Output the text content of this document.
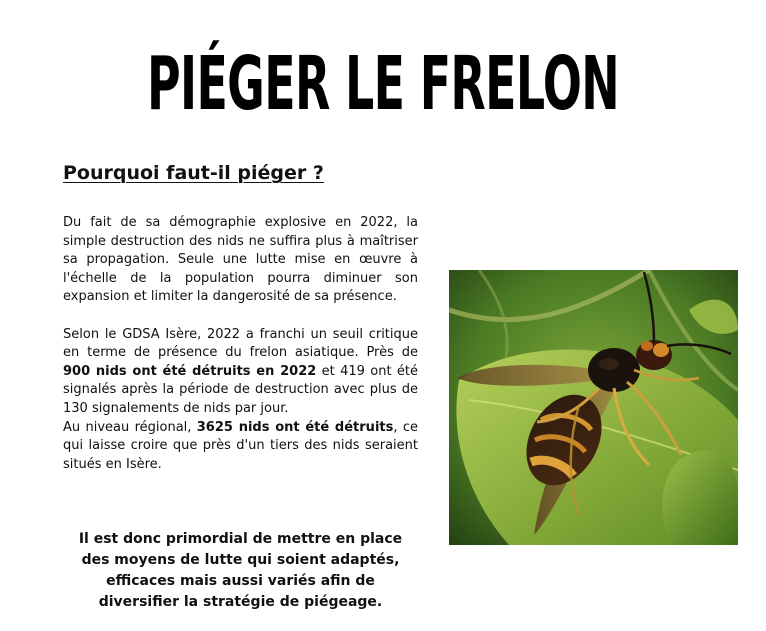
PIÉGER LE FRELON
Pourquoi faut-il piéger ?

Du fait de sa démographie explosive en 2022, la simple destruction des nids ne suffira plus à maîtriser sa propagation. Seule une lutte mise en œuvre à l'échelle de la population pourra diminuer son expansion et limiter la dangerosité de sa présence.

Selon le GDSA Isère, 2022 a franchi un seuil critique en terme de présence du frelon asiatique. Près de 900 nids ont été détruits en 2022 et 419 ont été signalés après la période de destruction avec plus de 130 signalements de nids par jour.

Au niveau régional, 3625 nids ont été détruits, ce qui laisse croire que près d'un tiers des nids seraient situés en Isère.

Il est donc primordial de mettre en place
des moyens de lutte qui soient adaptés,
efficaces mais aussi variés afin de
diversifier la stratégie de piégeage.
